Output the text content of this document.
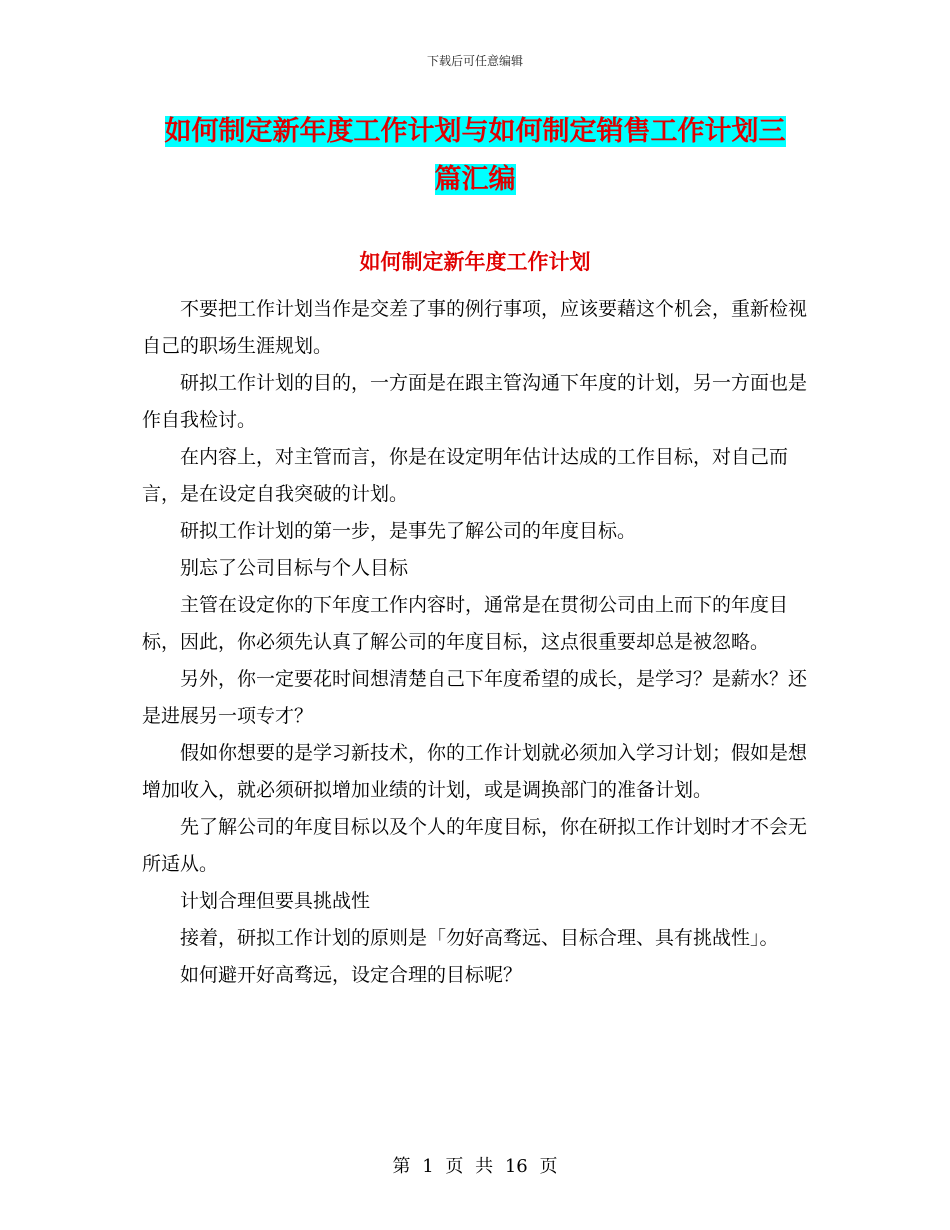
下载后可任意编辑
如何制定新年度工作计划与如何制定销售工作计划三
篇汇编
如何制定新年度工作计划

不要把工作计划当作是交差了事的例行事项，应该要藉这个机会，重新检视自己的职场生涯规划。

研拟工作计划的目的，一方面是在跟主管沟通下年度的计划，另一方面也是作自我检讨。

在内容上，对主管而言，你是在设定明年估计达成的工作目标，对自己而言，是在设定自我突破的计划。

研拟工作计划的第一步，是事先了解公司的年度目标。

别忘了公司目标与个人目标

主管在设定你的下年度工作内容时，通常是在贯彻公司由上而下的年度目标，因此，你必须先认真了解公司的年度目标，这点很重要却总是被忽略。

另外，你一定要花时间想清楚自己下年度希望的成长，是学习？是薪水？还是进展另一项专才？

假如你想要的是学习新技术，你的工作计划就必须加入学习计划；假如是想增加收入，就必须研拟增加业绩的计划，或是调换部门的准备计划。

先了解公司的年度目标以及个人的年度目标，你在研拟工作计划时才不会无所适从。

计划合理但要具挑战性

接着，研拟工作计划的原则是「勿好高骛远、目标合理、具有挑战性」。

如何避开好高骛远，设定合理的目标呢？

第 1 页 共 16 页
